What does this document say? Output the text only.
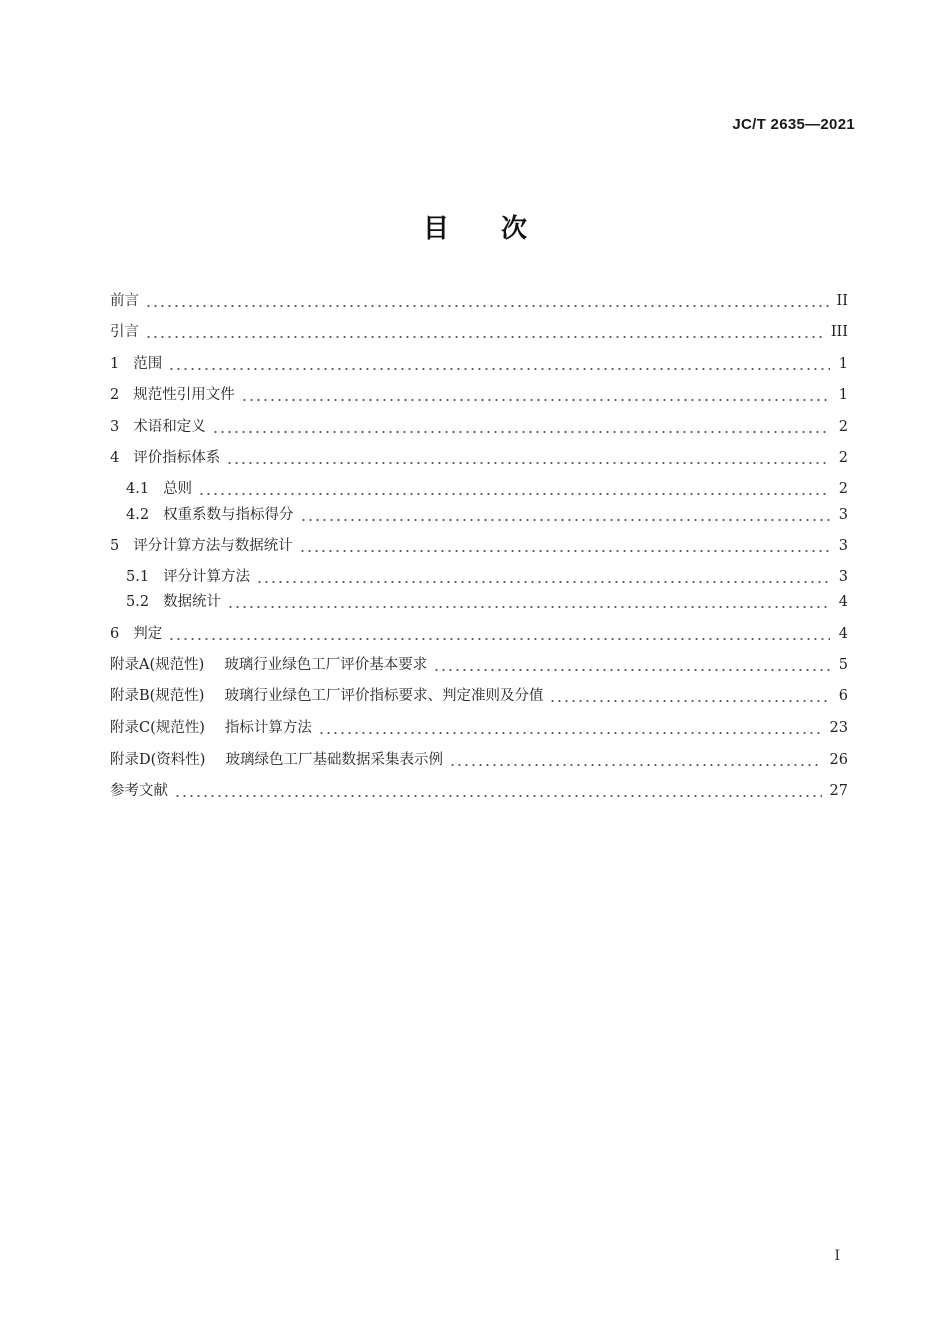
JC/T 2635—2021
目次
前言	II
引言	III
1 范围	1
2 规范性引用文件	1
3 术语和定义	2
4 评价指标体系	2
4.1 总则	2
4.2 权重系数与指标得分	3
5 评分计算方法与数据统计	3
5.1 评分计算方法	3
5.2 数据统计	4
6 判定	4
附录A(规范性) 玻璃行业绿色工厂评价基本要求	5
附录B(规范性) 玻璃行业绿色工厂评价指标要求、判定准则及分值	6
附录C(规范性) 指标计算方法	23
附录D(资料性) 玻璃绿色工厂基础数据采集表示例	26
参考文献	27
I
